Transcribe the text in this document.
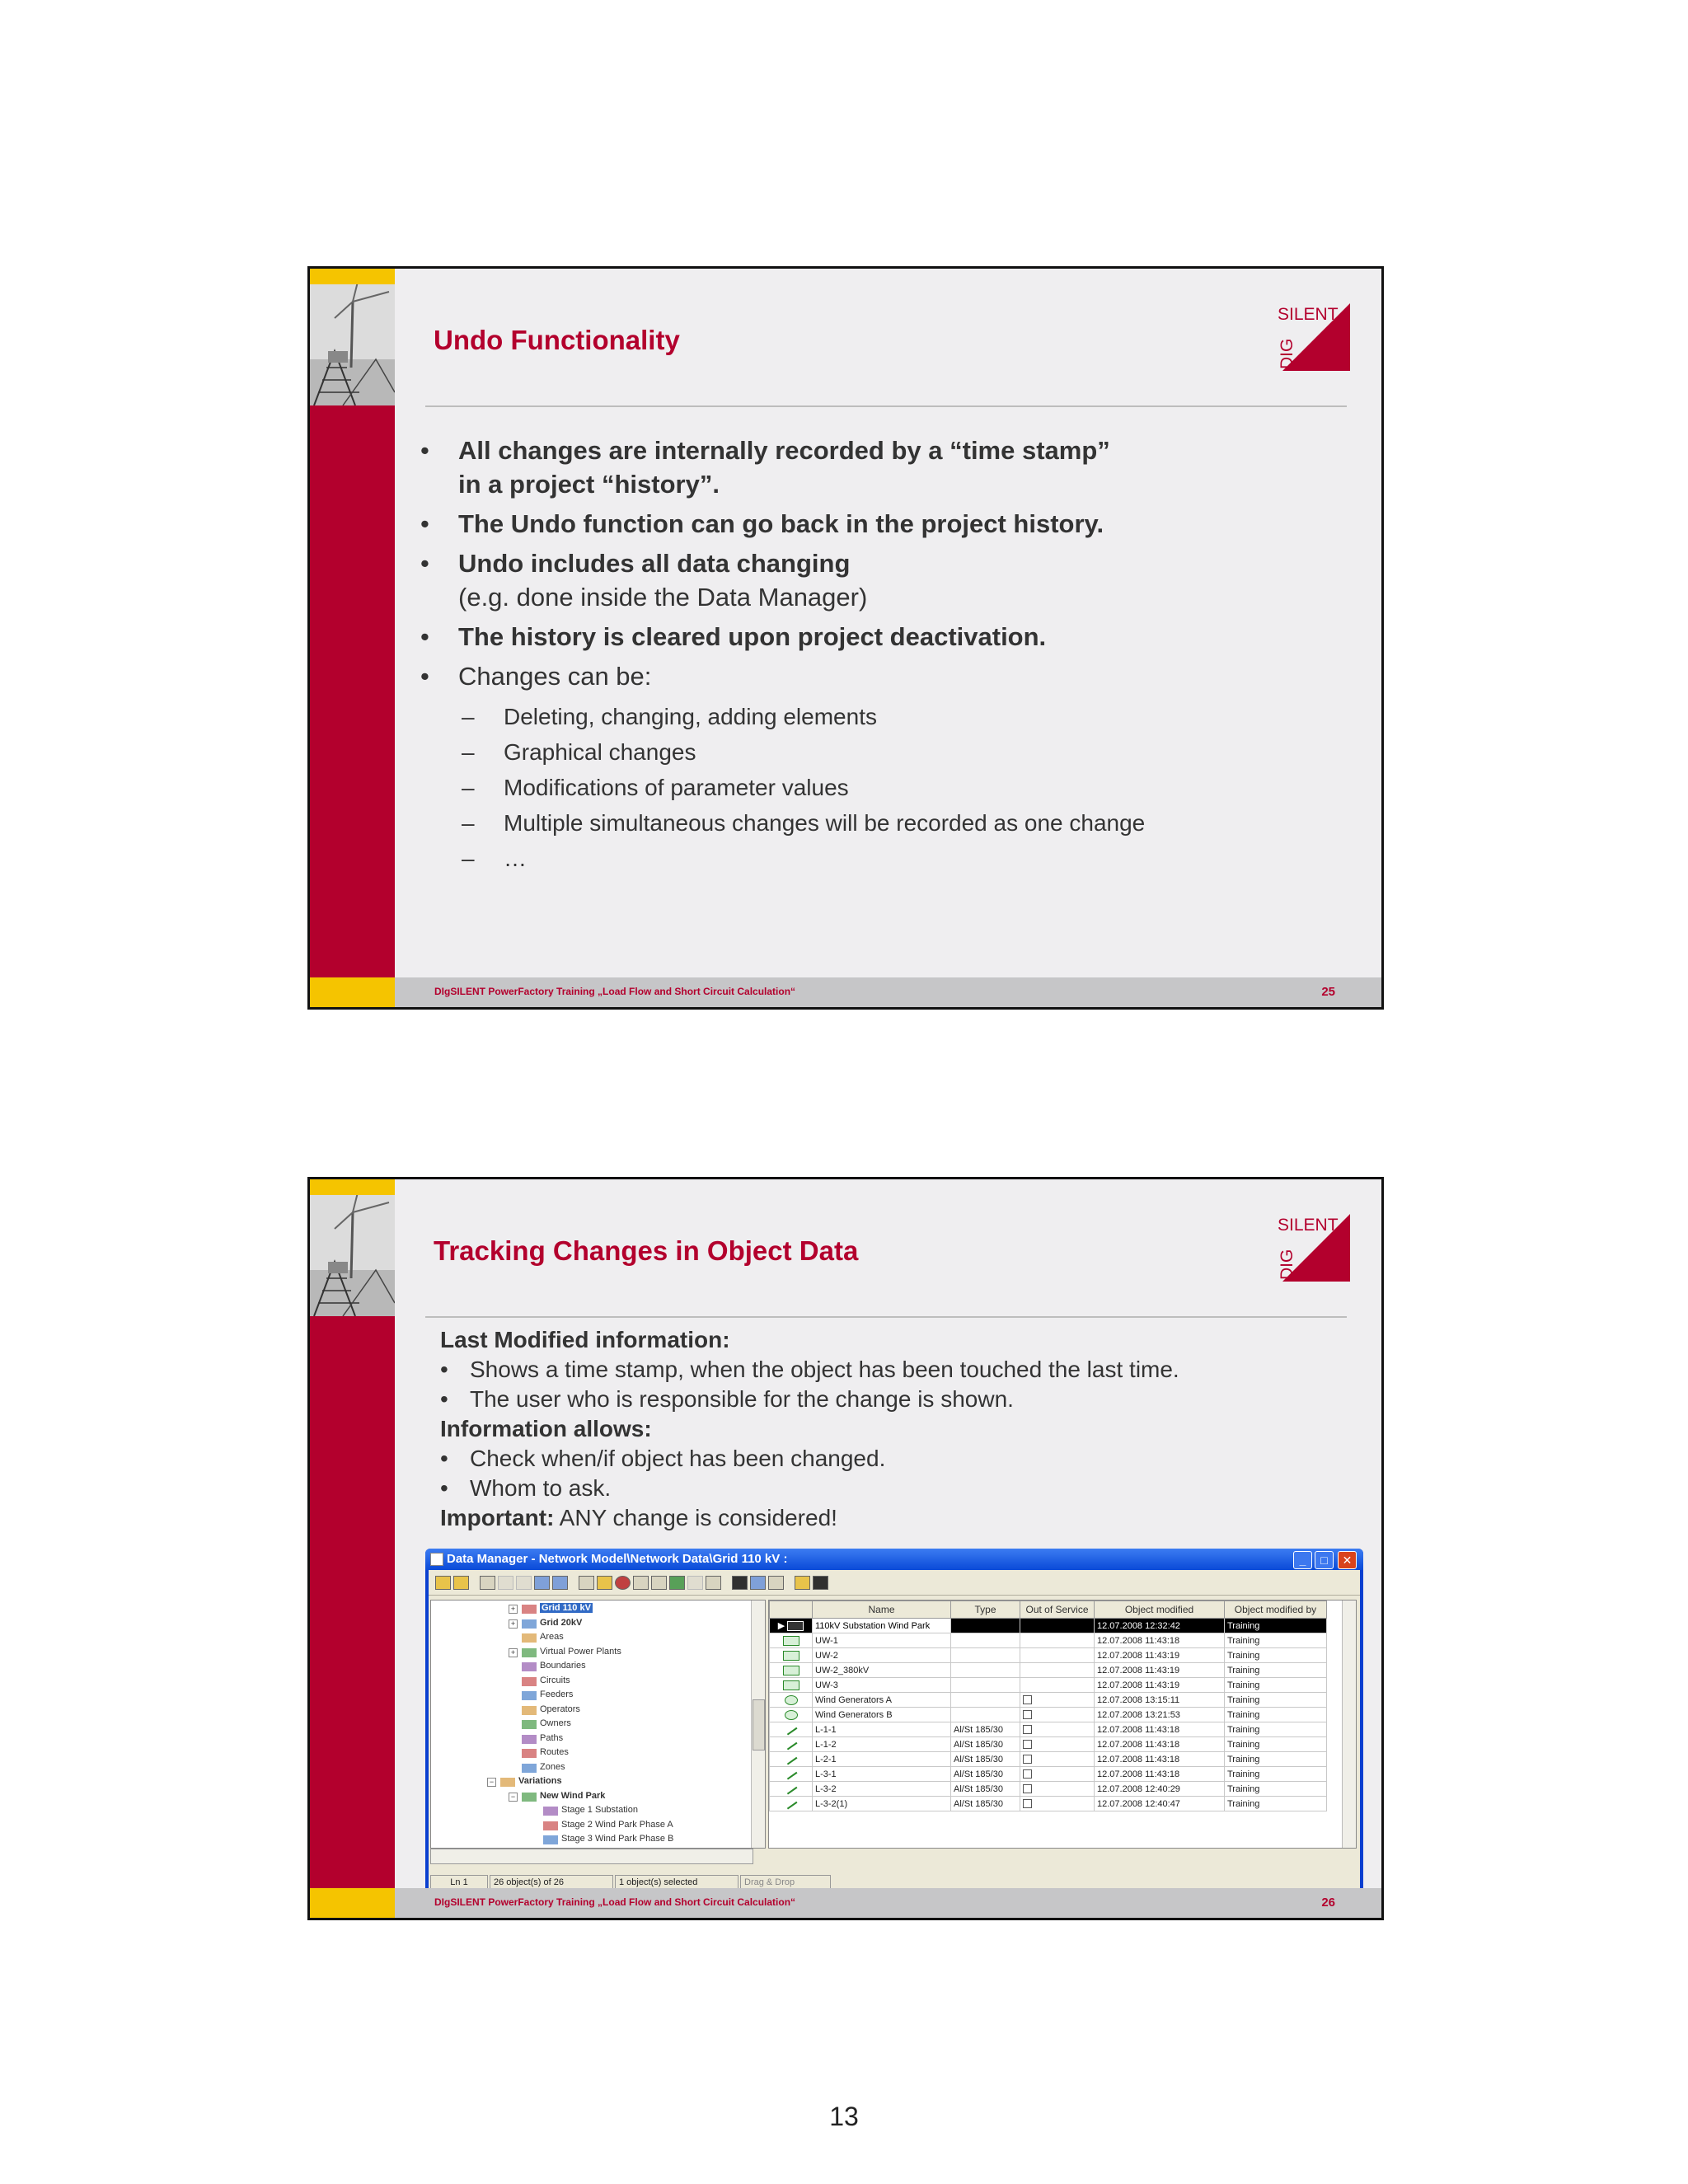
Undo Functionality
SILENT
DIG
• All changes are internally recorded by a “time stamp”
in a project “history”.
• The Undo function can go back in the project history.
• Undo includes all data changing
(e.g. done inside the Data Manager)
• The history is cleared upon project deactivation.
• Changes can be:
– Deleting, changing, adding elements
– Graphical changes
– Modifications of parameter values
– Multiple simultaneous changes will be recorded as one change
– …
DIgSILENT PowerFactory Training „Load Flow and Short Circuit Calculation“	25
Tracking Changes in Object Data
SILENT
DIG
Last Modified information:
• Shows a time stamp, when the object has been touched the last time.
• The user who is responsible for the change is shown.
Information allows:
• Check when/if object has been changed.
• Whom to ask.
Important: ANY change is considered!
Data Manager - Network Model\Network Data\Grid 110 kV :	_	□	✕
+	Grid 110 kV
+	Grid 20kV
Areas
+	Virtual Power Plants
Boundaries
Circuits
Feeders
Operators
Owners
Paths
Routes
Zones
−	Variations
−	New Wind Park
Stage 1 Substation
Stage 2 Wind Park Phase A
Stage 3 Wind Park Phase B
	Name	Type	Out of Service	Object modified	Object modified by
▶	110kV Substation Wind Park			12.07.2008 12:32:42	Training
	UW-1			12.07.2008 11:43:18	Training
	UW-2			12.07.2008 11:43:19	Training
	UW-2_380kV			12.07.2008 11:43:19	Training
	UW-3			12.07.2008 11:43:19	Training
	Wind Generators A			12.07.2008 13:15:11	Training
	Wind Generators B			12.07.2008 13:21:53	Training
	L-1-1	Al/St 185/30		12.07.2008 11:43:18	Training
	L-1-2	Al/St 185/30		12.07.2008 11:43:18	Training
	L-2-1	Al/St 185/30		12.07.2008 11:43:18	Training
	L-3-1	Al/St 185/30		12.07.2008 11:43:18	Training
	L-3-2	Al/St 185/30		12.07.2008 12:40:29	Training
	L-3-2(1)	Al/St 185/30		12.07.2008 12:40:47	Training
Ln 1	26 object(s) of 26	1 object(s) selected	Drag & Drop
DIgSILENT PowerFactory Training „Load Flow and Short Circuit Calculation“	26
13
